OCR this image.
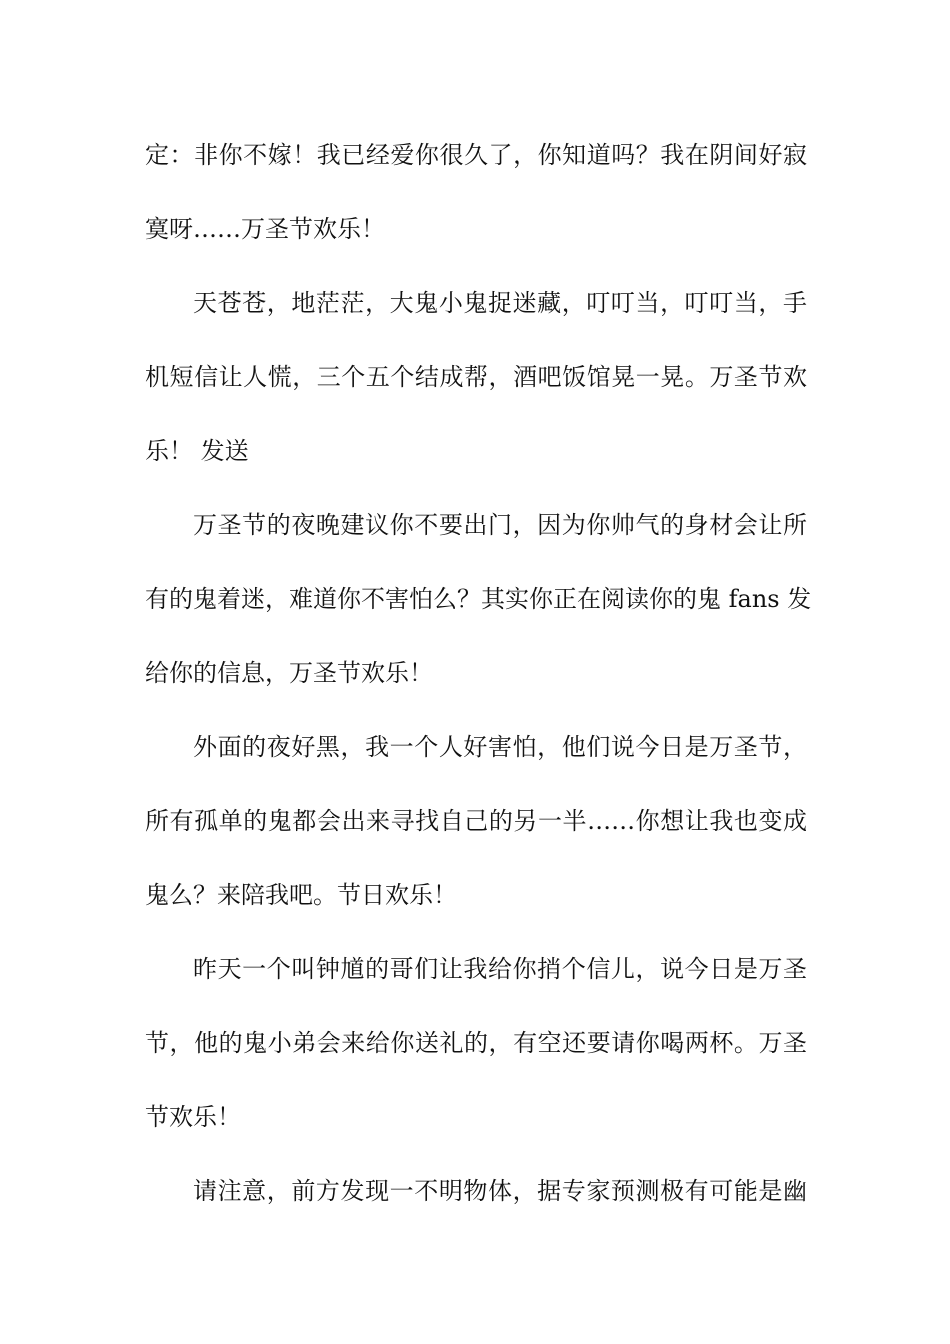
定：非你不嫁！我已经爱你很久了，你知道吗？我在阴间好寂
寞呀……万圣节欢乐！
天苍苍，地茫茫，大鬼小鬼捉迷藏，叮叮当，叮叮当，手
机短信让人慌，三个五个结成帮，酒吧饭馆晃一晃。万圣节欢
乐！ 发送
万圣节的夜晚建议你不要出门，因为你帅气的身材会让所
有的鬼着迷，难道你不害怕么？其实你正在阅读你的鬼 fans 发
给你的信息，万圣节欢乐！
外面的夜好黑，我一个人好害怕，他们说今日是万圣节，
所有孤单的鬼都会出来寻找自己的另一半……你想让我也变成
鬼么？来陪我吧。节日欢乐！
昨天一个叫钟馗的哥们让我给你捎个信儿，说今日是万圣
节，他的鬼小弟会来给你送礼的，有空还要请你喝两杯。万圣
节欢乐！
请注意，前方发现一不明物体，据专家预测极有可能是幽
